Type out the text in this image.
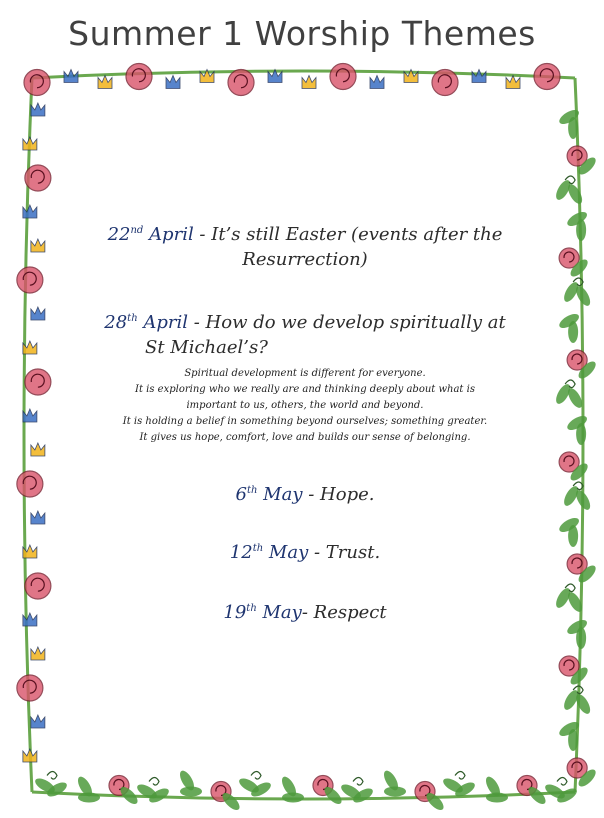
Summer 1 Worship Themes
22nd April - It’s still Easter (events after the
Resurrection)
28th April - How do we develop spiritually at
St Michael’s?
Spiritual development is different for everyone.
It is exploring who we really are and thinking deeply about what is
important to us, others, the world and beyond.
It is holding a belief in something beyond ourselves; something greater.
It gives us hope, comfort, love and builds our sense of belonging.
6th May - Hope.
12th May - Trust.
19th May- Respect
